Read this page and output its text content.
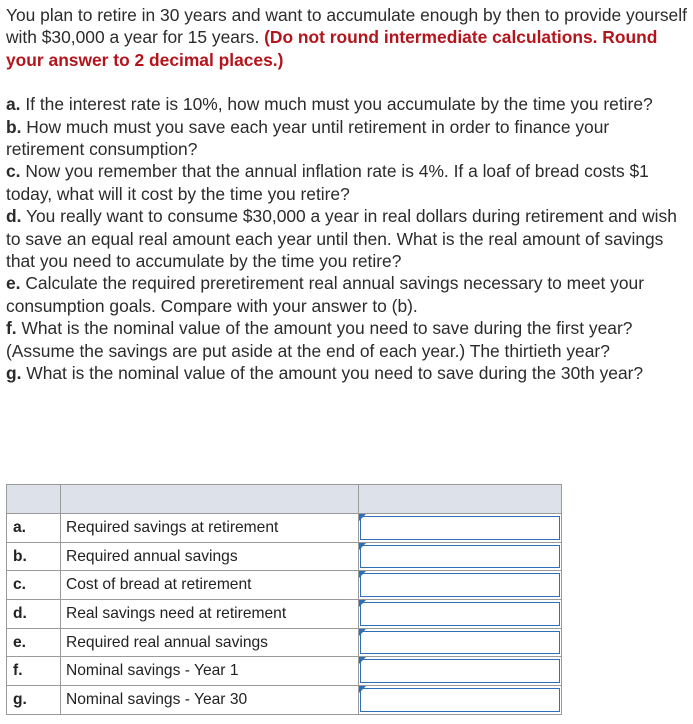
You plan to retire in 30 years and want to accumulate enough by then to provide yourself with $30,000 a year for 15 years. (Do not round intermediate calculations. Round your answer to 2 decimal places.)

a. If the interest rate is 10%, how much must you accumulate by the time you retire?

b. How much must you save each year until retirement in order to finance your retirement consumption?

c. Now you remember that the annual inflation rate is 4%. If a loaf of bread costs $1 today, what will it cost by the time you retire?

d. You really want to consume $30,000 a year in real dollars during retirement and wish to save an equal real amount each year until then. What is the real amount of savings that you need to accumulate by the time you retire?

e. Calculate the required preretirement real annual savings necessary to meet your consumption goals. Compare with your answer to (b).

f. What is the nominal value of the amount you need to save during the first year? (Assume the savings are put aside at the end of each year.) The thirtieth year?

g. What is the nominal value of the amount you need to save during the 30th year?

a.	Required savings at retirement	

b.	Required annual savings	

c.	Cost of bread at retirement	

d.	Real savings need at retirement	

e.	Required real annual savings	

f.	Nominal savings - Year 1	

g.	Nominal savings - Year 30	
